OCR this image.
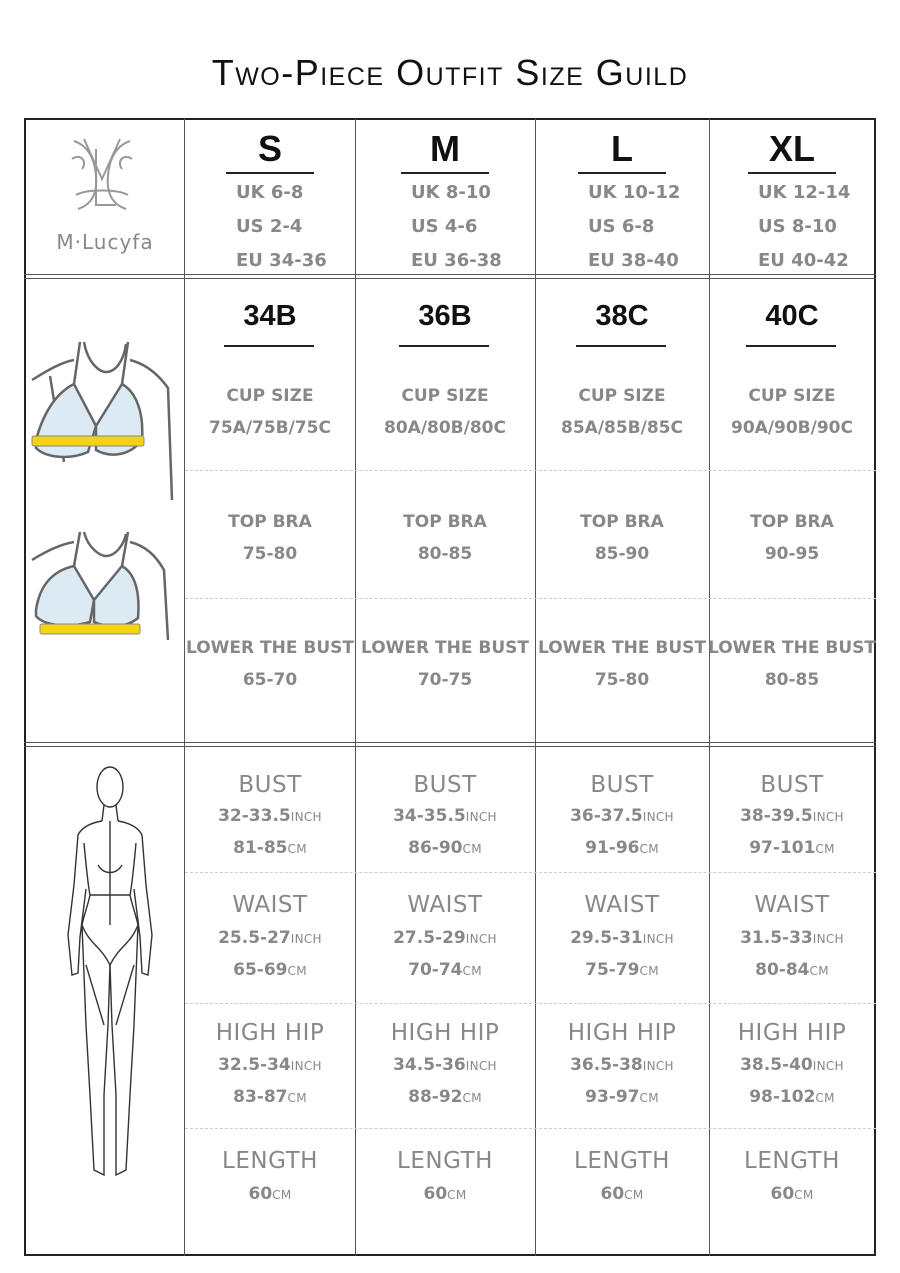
Two-Piece Outfit Size Guild
M·Lucyfa
S
UK 6-8
US 2-4
EU 34-36
34B
CUP SIZE
75A/75B/75C
TOP BRA
75-80
LOWER THE BUST
65-70
BUST
32-33.5INCH
81-85CM
WAIST
25.5-27INCH
65-69CM
HIGH HIP
32.5-34INCH
83-87CM
LENGTH
60CM
M
UK 8-10
US 4-6
EU 36-38
36B
CUP SIZE
80A/80B/80C
TOP BRA
80-85
LOWER THE BUST
70-75
BUST
34-35.5INCH
86-90CM
WAIST
27.5-29INCH
70-74CM
HIGH HIP
34.5-36INCH
88-92CM
LENGTH
60CM
L
UK 10-12
US 6-8
EU 38-40
38C
CUP SIZE
85A/85B/85C
TOP BRA
85-90
LOWER THE BUST
75-80
BUST
36-37.5INCH
91-96CM
WAIST
29.5-31INCH
75-79CM
HIGH HIP
36.5-38INCH
93-97CM
LENGTH
60CM
XL
UK 12-14
US 8-10
EU 40-42
40C
CUP SIZE
90A/90B/90C
TOP BRA
90-95
LOWER THE BUST
80-85
BUST
38-39.5INCH
97-101CM
WAIST
31.5-33INCH
80-84CM
HIGH HIP
38.5-40INCH
98-102CM
LENGTH
60CM
